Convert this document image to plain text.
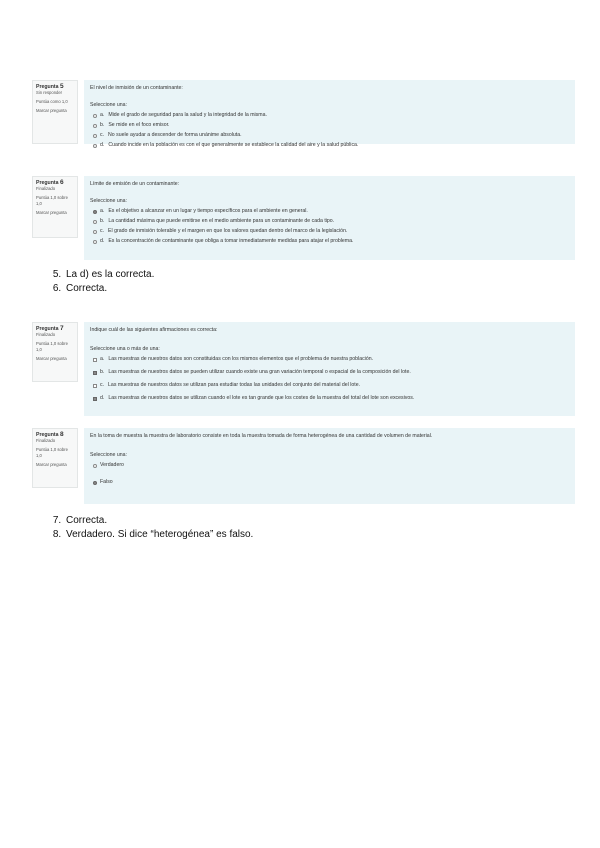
Pregunta 5

Sin responder

Puntúa como 1,0

Marcar pregunta

El nivel de inmisión de un contaminante:
Seleccione una:
a. Mide el grado de seguridad para la salud y la integridad de la misma.
b. Se mide en el foco emisor.
c. No suele ayudar a descender de forma unánime absoluta.
d. Cuando incide en la población es con el que generalmente se establece la calidad del aire y la salud pública.
Pregunta 6

Finalizado

Puntúa 1,0 sobre 1,0

Marcar pregunta

Límite de emisión de un contaminante:
Seleccione una:
a. Es el objetivo a alcanzar en un lugar y tiempo específicos para el ambiente en general.
b. La cantidad máxima que puede emitirse en el medio ambiente para un contaminante de cada tipo.
c. El grado de inmisión tolerable y el margen en que los valores quedan dentro del marco de la legislación.
d. Es la concentración de contaminante que obliga a tomar inmediatamente medidas para atajar el problema.
5. La d) es la correcta.
6. Correcta.
Pregunta 7

Finalizado

Puntúa 1,0 sobre 1,0

Marcar pregunta

Indique cuál de las siguientes afirmaciones es correcta:
Seleccione una o más de una:
a. Las muestras de nuestros datos son constituidas con los mismos elementos que el problema de nuestra población.
b. Las muestras de nuestros datos se pueden utilizar cuando existe una gran variación temporal o espacial de la composición del lote.
c. Las muestras de nuestros datos se utilizan para estudiar todas las unidades del conjunto del material del lote.
d. Las muestras de nuestros datos se utilizan cuando el lote es tan grande que los costes de la muestra del total del lote son excesivos.
Pregunta 8

Finalizado

Puntúa 1,0 sobre 1,0

Marcar pregunta

En la toma de muestra la muestra de laboratorio consiste en toda la muestra tomada de forma heterogénea de una cantidad de volumen de material.
Seleccione una:
Verdadero
Falso
7. Correcta.
8. Verdadero. Si dice “heterogénea” es falso.
